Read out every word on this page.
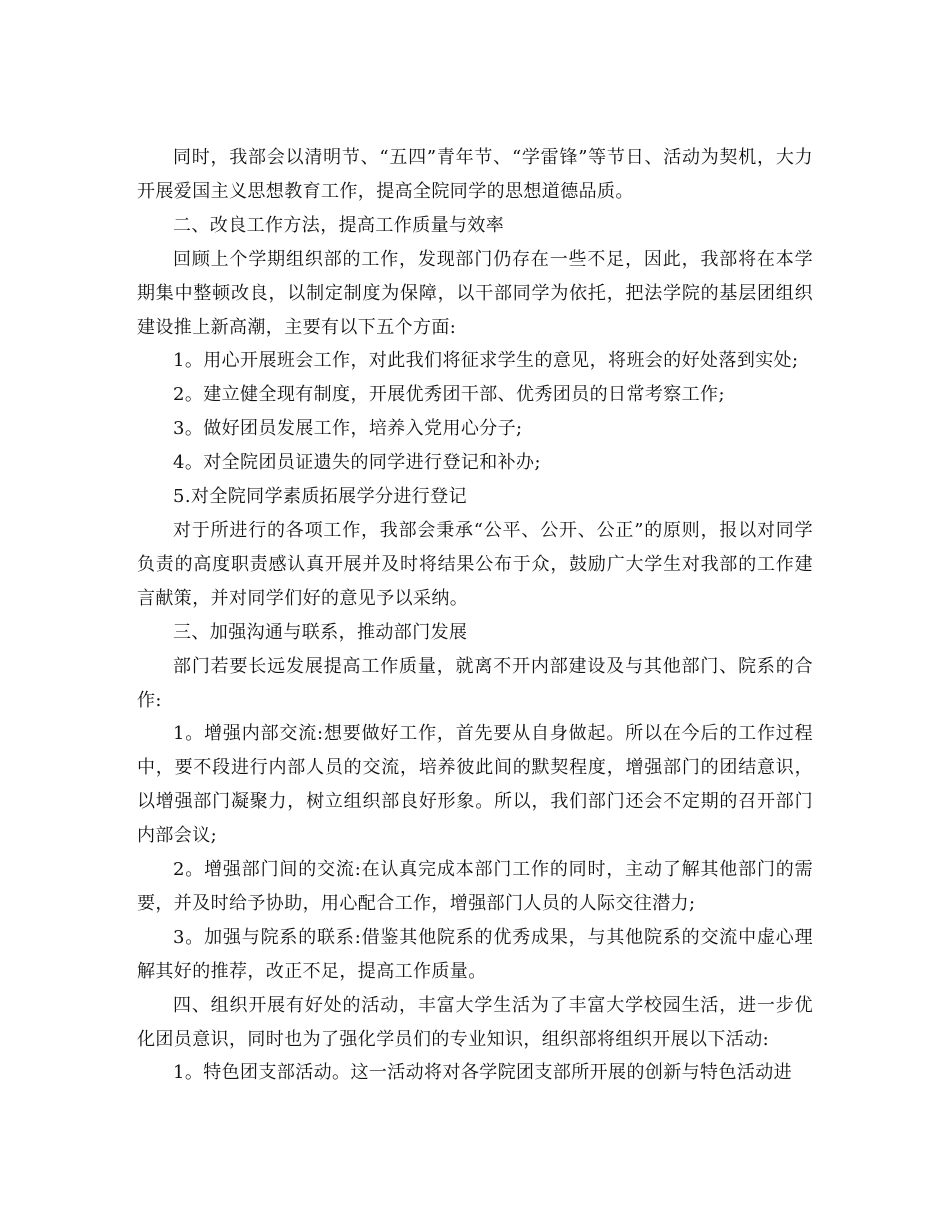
同时，我部会以清明节、“五四”青年节、“学雷锋”等节日、活动为契机，大力开展爱国主义思想教育工作，提高全院同学的思想道德品质。

二、改良工作方法，提高工作质量与效率

回顾上个学期组织部的工作，发现部门仍存在一些不足，因此，我部将在本学期集中整顿改良，以制定制度为保障，以干部同学为依托，把法学院的基层团组织建设推上新高潮，主要有以下五个方面:

1。用心开展班会工作，对此我们将征求学生的意见，将班会的好处落到实处;

2。建立健全现有制度，开展优秀团干部、优秀团员的日常考察工作;

3。做好团员发展工作，培养入党用心分子;

4。对全院团员证遗失的同学进行登记和补办;

5.对全院同学素质拓展学分进行登记

对于所进行的各项工作，我部会秉承“公平、公开、公正”的原则，报以对同学负责的高度职责感认真开展并及时将结果公布于众，鼓励广大学生对我部的工作建言献策，并对同学们好的意见予以采纳。

三、加强沟通与联系，推动部门发展

部门若要长远发展提高工作质量，就离不开内部建设及与其他部门、院系的合作:

1。增强内部交流:想要做好工作，首先要从自身做起。所以在今后的工作过程中，要不段进行内部人员的交流，培养彼此间的默契程度，增强部门的团结意识，以增强部门凝聚力，树立组织部良好形象。所以，我们部门还会不定期的召开部门内部会议;

2。增强部门间的交流:在认真完成本部门工作的同时，主动了解其他部门的需要，并及时给予协助，用心配合工作，增强部门人员的人际交往潜力;

3。加强与院系的联系:借鉴其他院系的优秀成果，与其他院系的交流中虚心理解其好的推荐，改正不足，提高工作质量。

四、组织开展有好处的活动，丰富大学生活为了丰富大学校园生活，进一步优化团员意识，同时也为了强化学员们的专业知识，组织部将组织开展以下活动:

1。特色团支部活动。这一活动将对各学院团支部所开展的创新与特色活动进
